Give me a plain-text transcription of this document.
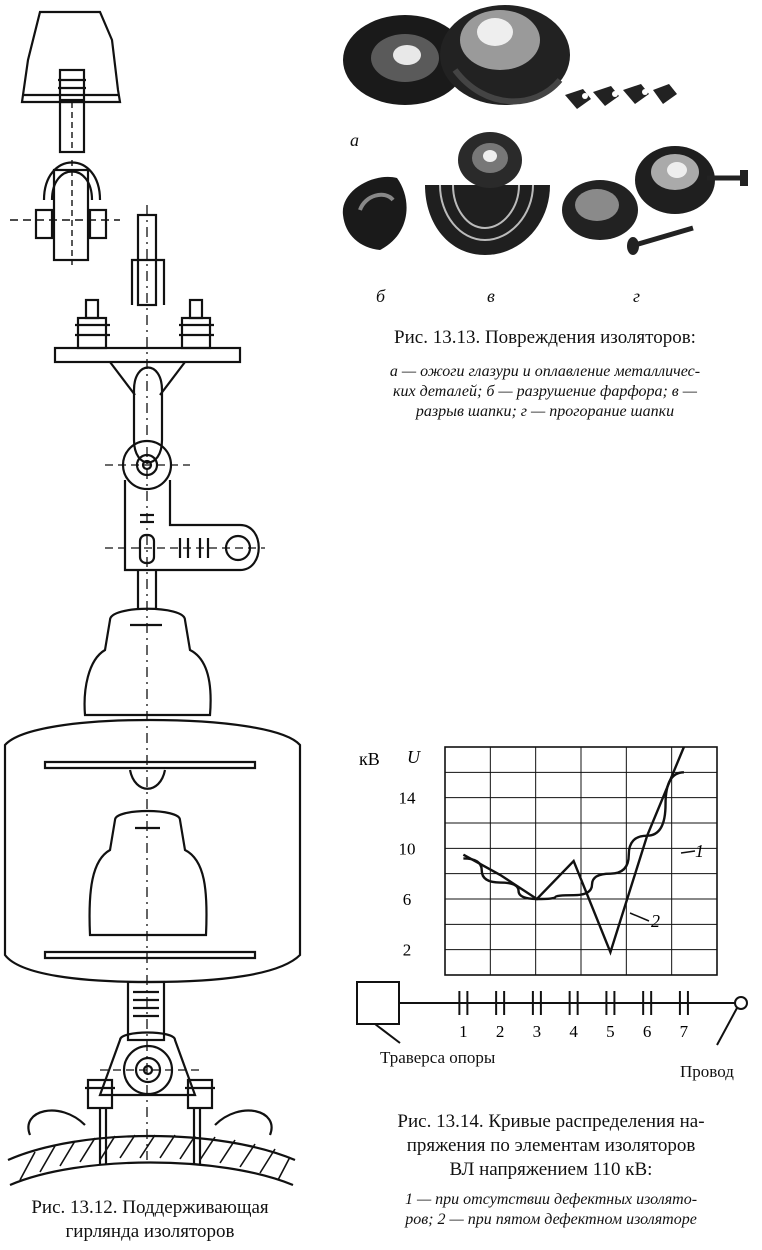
Рис. 13.12. Поддерживающая
гирлянда изоляторов
а
б	в	г
Рис. 13.13. Повреждения изоляторов:
а — ожоги глазури и оплавление металличес-
ких деталей; б — разрушение фарфора; в —
разрыв шапки; г — прогорание шапки
2
6
10
14
1 2 3 4 5 6 7
кВ U
1
2
Траверса опоры
Провод
Рис. 13.14. Кривые распределения на-
пряжения по элементам изоляторов
ВЛ напряжением 110 кВ:
1 — при отсутствии дефектных изолято-
ров; 2 — при пятом дефектном изоляторе
